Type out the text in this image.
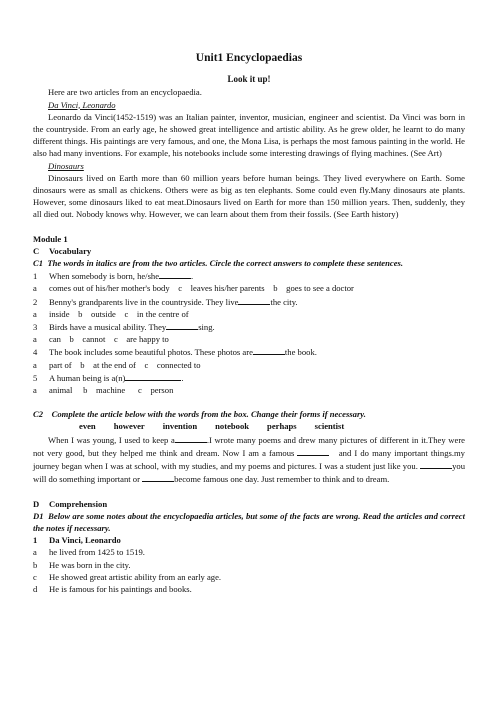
Unit1 Encyclopaedias
Look it up!

Here are two articles from an encyclopaedia.

Da Vinci, Leonardo

Leonardo da Vinci(1452-1519) was an Italian painter, inventor, musician, engineer and scientist. Da Vinci was born in the countryside. From an early age, he showed great intelligence and artistic ability. As he grew older, he learnt to do many different things. His paintings are very famous, and one, the Mona Lisa, is perhaps the most famous painting in the world. He also had many inventions. For example, his notebooks include some interesting drawings of flying machines. (See Art)

Dinosaurs

Dinosaurs lived on Earth more than 60 million years before human beings. They lived everywhere on Earth. Some dinosaurs were as small as chickens. Others were as big as ten elephants. Some could even fly.Many dinosaurs ate plants. However, some dinosaurs liked to eat meat.Dinosaurs lived on Earth for more than 150 million years. Then, suddenly, they all died out. Nobody knows why. However, we can learn about them from their fossils. (See Earth history)

Module 1
C Vocabulary
C1 The words in italics are from the two articles. Circle the correct answers to complete these sentences.
1 When somebody is born, he/she	.
a comes out of his/her mother's body c leaves his/her parents b goes to see a doctor
2 Benny's grandparents live in the countryside. They live	the city.
a inside b outside c in the centre of
3 Birds have a musical ability. They	sing.
a can b cannot c are happy to
4 The book includes some beautiful photos. These photos are	the book.
a part of b at the end of c connected to
5 A human being is a(n)	.
a animal b machine c person
C2 Complete the article below with the words from the box. Change their forms if necessary.
even however invention notebook perhaps scientist

When I was young, I used to keep a	.I wrote many poems and drew many pictures of different in it.They were not very good, but they helped me think and dream. Now I am a famous	and I do many important things.my journey began when I was at school, with my studies, and my poems and pictures. I was a student just like you.	you will do something important or	become famous one day. Just remember to think and to dream.

D Comprehension

D1 Below are some notes about the encyclopaedia articles, but some of the facts are wrong. Read the articles and correct the notes if necessary.

1 Da Vinci, Leonardo
a he lived from 1425 to 1519.
b He was born in the city.
c He showed great artistic ability from an early age.
d He is famous for his paintings and books.
